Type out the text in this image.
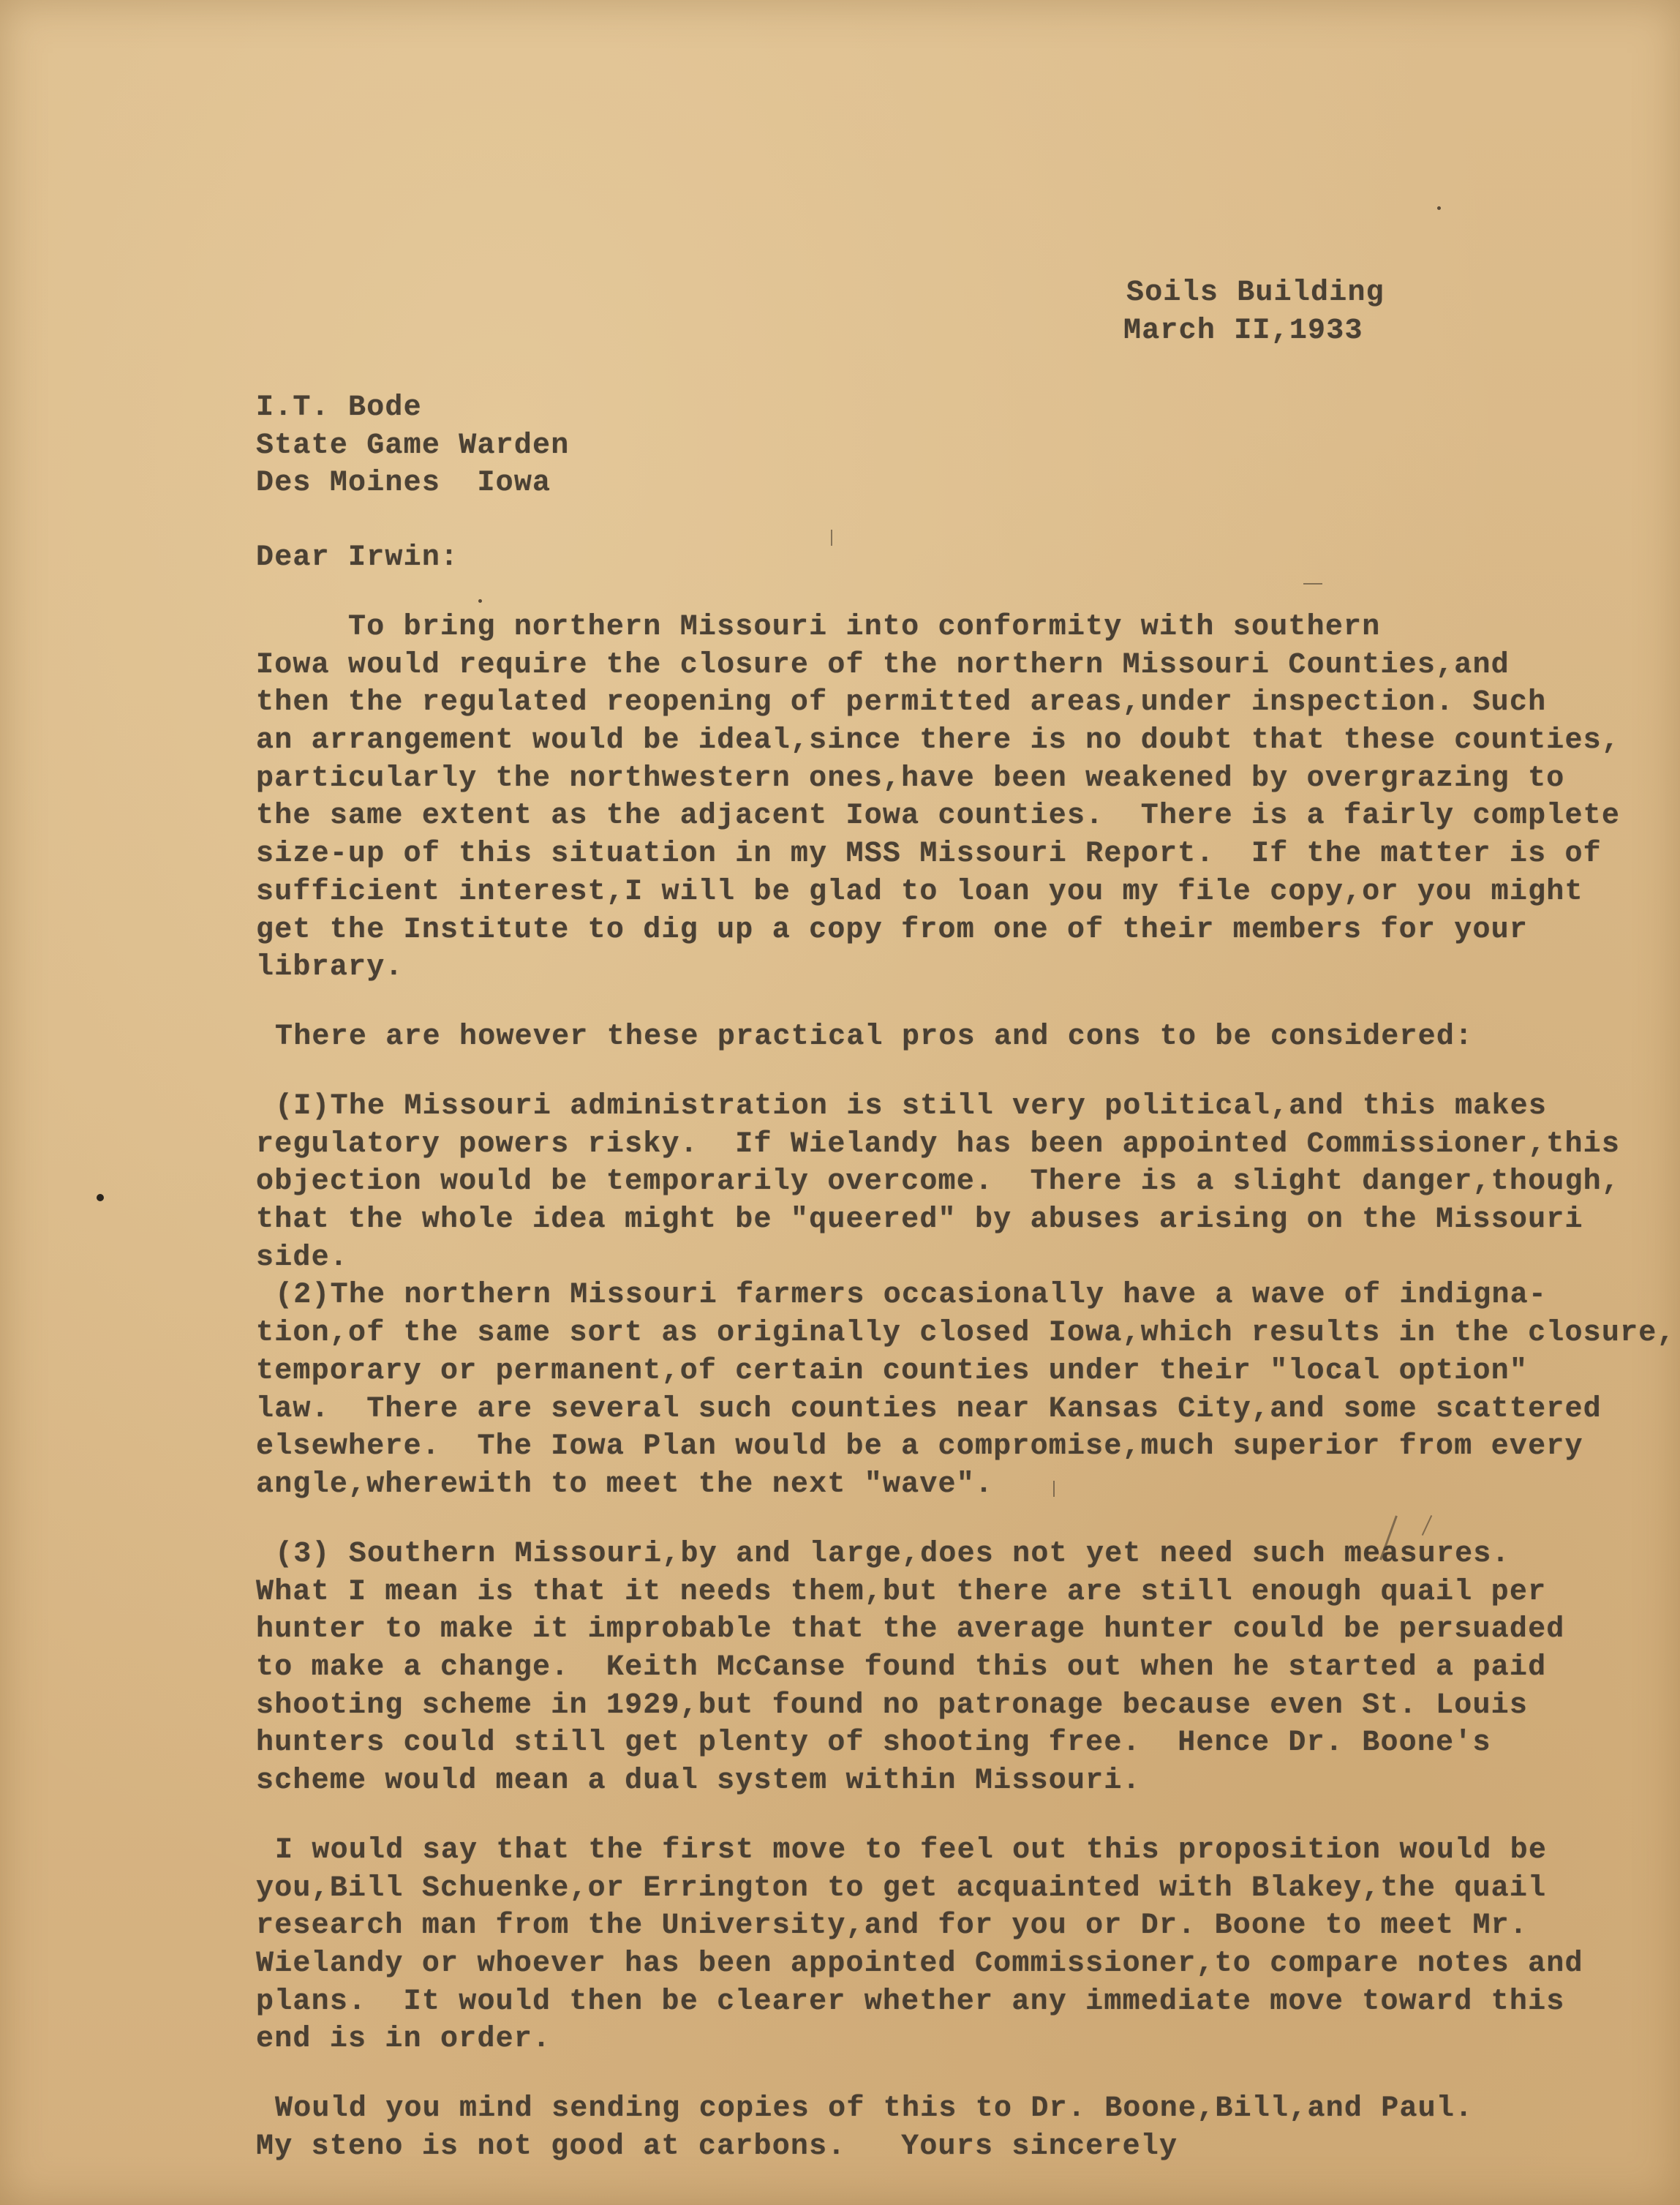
Soils Building
March II,1933
I.T. Bode
State Game Warden
Des Moines  Iowa
Dear Irwin:
To bring northern Missouri into conformity with southern
Iowa would require the closure of the northern Missouri Counties,and
then the regulated reopening of permitted areas,under inspection. Such
an arrangement would be ideal,since there is no doubt that these counties,
particularly the northwestern ones,have been weakened by overgrazing to
the same extent as the adjacent Iowa counties.  There is a fairly complete
size-up of this situation in my MSS Missouri Report.  If the matter is of
sufficient interest,I will be glad to loan you my file copy,or you might
get the Institute to dig up a copy from one of their members for your
library.
There are however these practical pros and cons to be considered:
(I)The Missouri administration is still very political,and this makes
regulatory powers risky.  If Wielandy has been appointed Commissioner,this
objection would be temporarily overcome.  There is a slight danger,though,
that the whole idea might be "queered" by abuses arising on the Missouri
side.
(2)The northern Missouri farmers occasionally have a wave of indigna-
tion,of the same sort as originally closed Iowa,which results in the closure,
temporary or permanent,of certain counties under their "local option"
law.  There are several such counties near Kansas City,and some scattered
elsewhere.  The Iowa Plan would be a compromise,much superior from every
angle,wherewith to meet the next "wave".
(3) Southern Missouri,by and large,does not yet need such measures.
What I mean is that it needs them,but there are still enough quail per
hunter to make it improbable that the average hunter could be persuaded
to make a change.  Keith McCanse found this out when he started a paid
shooting scheme in 1929,but found no patronage because even St. Louis
hunters could still get plenty of shooting free.  Hence Dr. Boone's
scheme would mean a dual system within Missouri.
I would say that the first move to feel out this proposition would be
you,Bill Schuenke,or Errington to get acquainted with Blakey,the quail
research man from the University,and for you or Dr. Boone to meet Mr.
Wielandy or whoever has been appointed Commissioner,to compare notes and
plans.  It would then be clearer whether any immediate move toward this
end is in order.
Would you mind sending copies of this to Dr. Boone,Bill,and Paul.
My steno is not good at carbons.   Yours sincerely
